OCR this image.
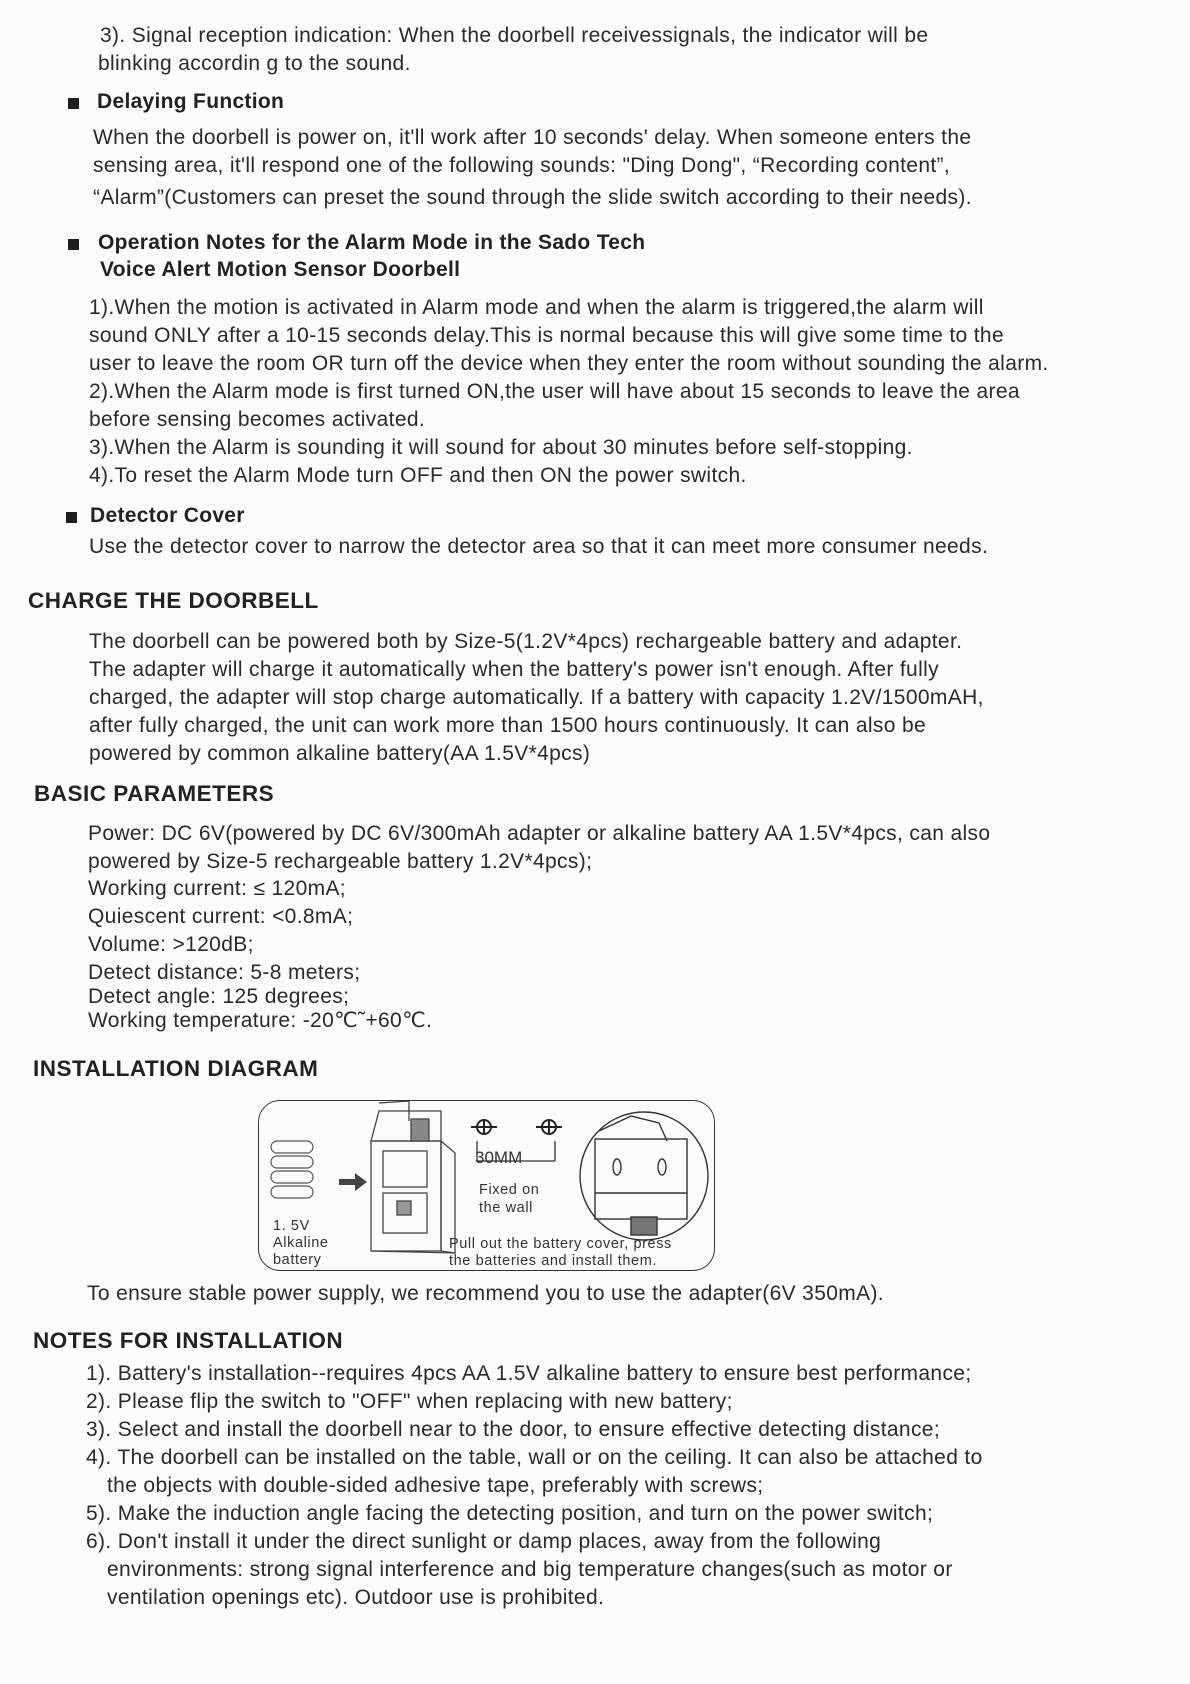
3). Signal reception indication: When the doorbell receivessignals, the indicator will be

blinking accordin g to the sound.

Delaying Function

When the doorbell is power on, it'll work after 10 seconds' delay. When someone enters the

sensing area, it'll respond one of the following sounds: "Ding Dong", “Recording content”,

“Alarm”(Customers can preset the sound through the slide switch according to their needs).

Operation Notes for the Alarm Mode in the Sado Tech
Voice Alert Motion Sensor Doorbell

1).When the motion is activated in Alarm mode and when the alarm is triggered,the alarm will

sound ONLY after a 10-15 seconds delay.This is normal because this will give some time to the

user to leave the room OR turn off the device when they enter the room without sounding the alarm.

2).When the Alarm mode is first turned ON,the user will have about 15 seconds to leave the area

before sensing becomes activated.

3).When the Alarm is sounding it will sound for about 30 minutes before self-stopping.

4).To reset the Alarm Mode turn OFF and then ON the power switch.

Detector Cover

Use the detector cover to narrow the detector area so that it can meet more consumer needs.

CHARGE THE DOORBELL

The doorbell can be powered both by Size-5(1.2V*4pcs) rechargeable battery and adapter.

The adapter will charge it automatically when the battery's power isn't enough. After fully

charged, the adapter will stop charge automatically. If a battery with capacity 1.2V/1500mAH,

after fully charged, the unit can work more than 1500 hours continuously. It can also be

powered by common alkaline battery(AA 1.5V*4pcs)

BASIC PARAMETERS

Power: DC 6V(powered by DC 6V/300mAh adapter or alkaline battery AA 1.5V*4pcs, can also

powered by Size-5 rechargeable battery 1.2V*4pcs);

Working current: ≤ 120mA;

Quiescent current: <0.8mA;

Volume: >120dB;

Detect distance: 5-8 meters;

Detect angle: 125 degrees;

Working temperature: -20℃˜+60℃.

INSTALLATION DIAGRAM
30MM
Fixed on
the wall
1. 5V
Alkaline
battery
Pull out the battery cover, press
the batteries and install them.

To ensure stable power supply, we recommend you to use the adapter(6V 350mA).

NOTES FOR INSTALLATION

1). Battery's installation--requires 4pcs AA 1.5V alkaline battery to ensure best performance;

2). Please flip the switch to "OFF" when replacing with new battery;

3). Select and install the doorbell near to the door, to ensure effective detecting distance;

4). The doorbell can be installed on the table, wall or on the ceiling. It can also be attached to

the objects with double-sided adhesive tape, preferably with screws;

5). Make the induction angle facing the detecting position, and turn on the power switch;

6). Don't install it under the direct sunlight or damp places, away from the following

environments: strong signal interference and big temperature changes(such as motor or

ventilation openings etc). Outdoor use is prohibited.
